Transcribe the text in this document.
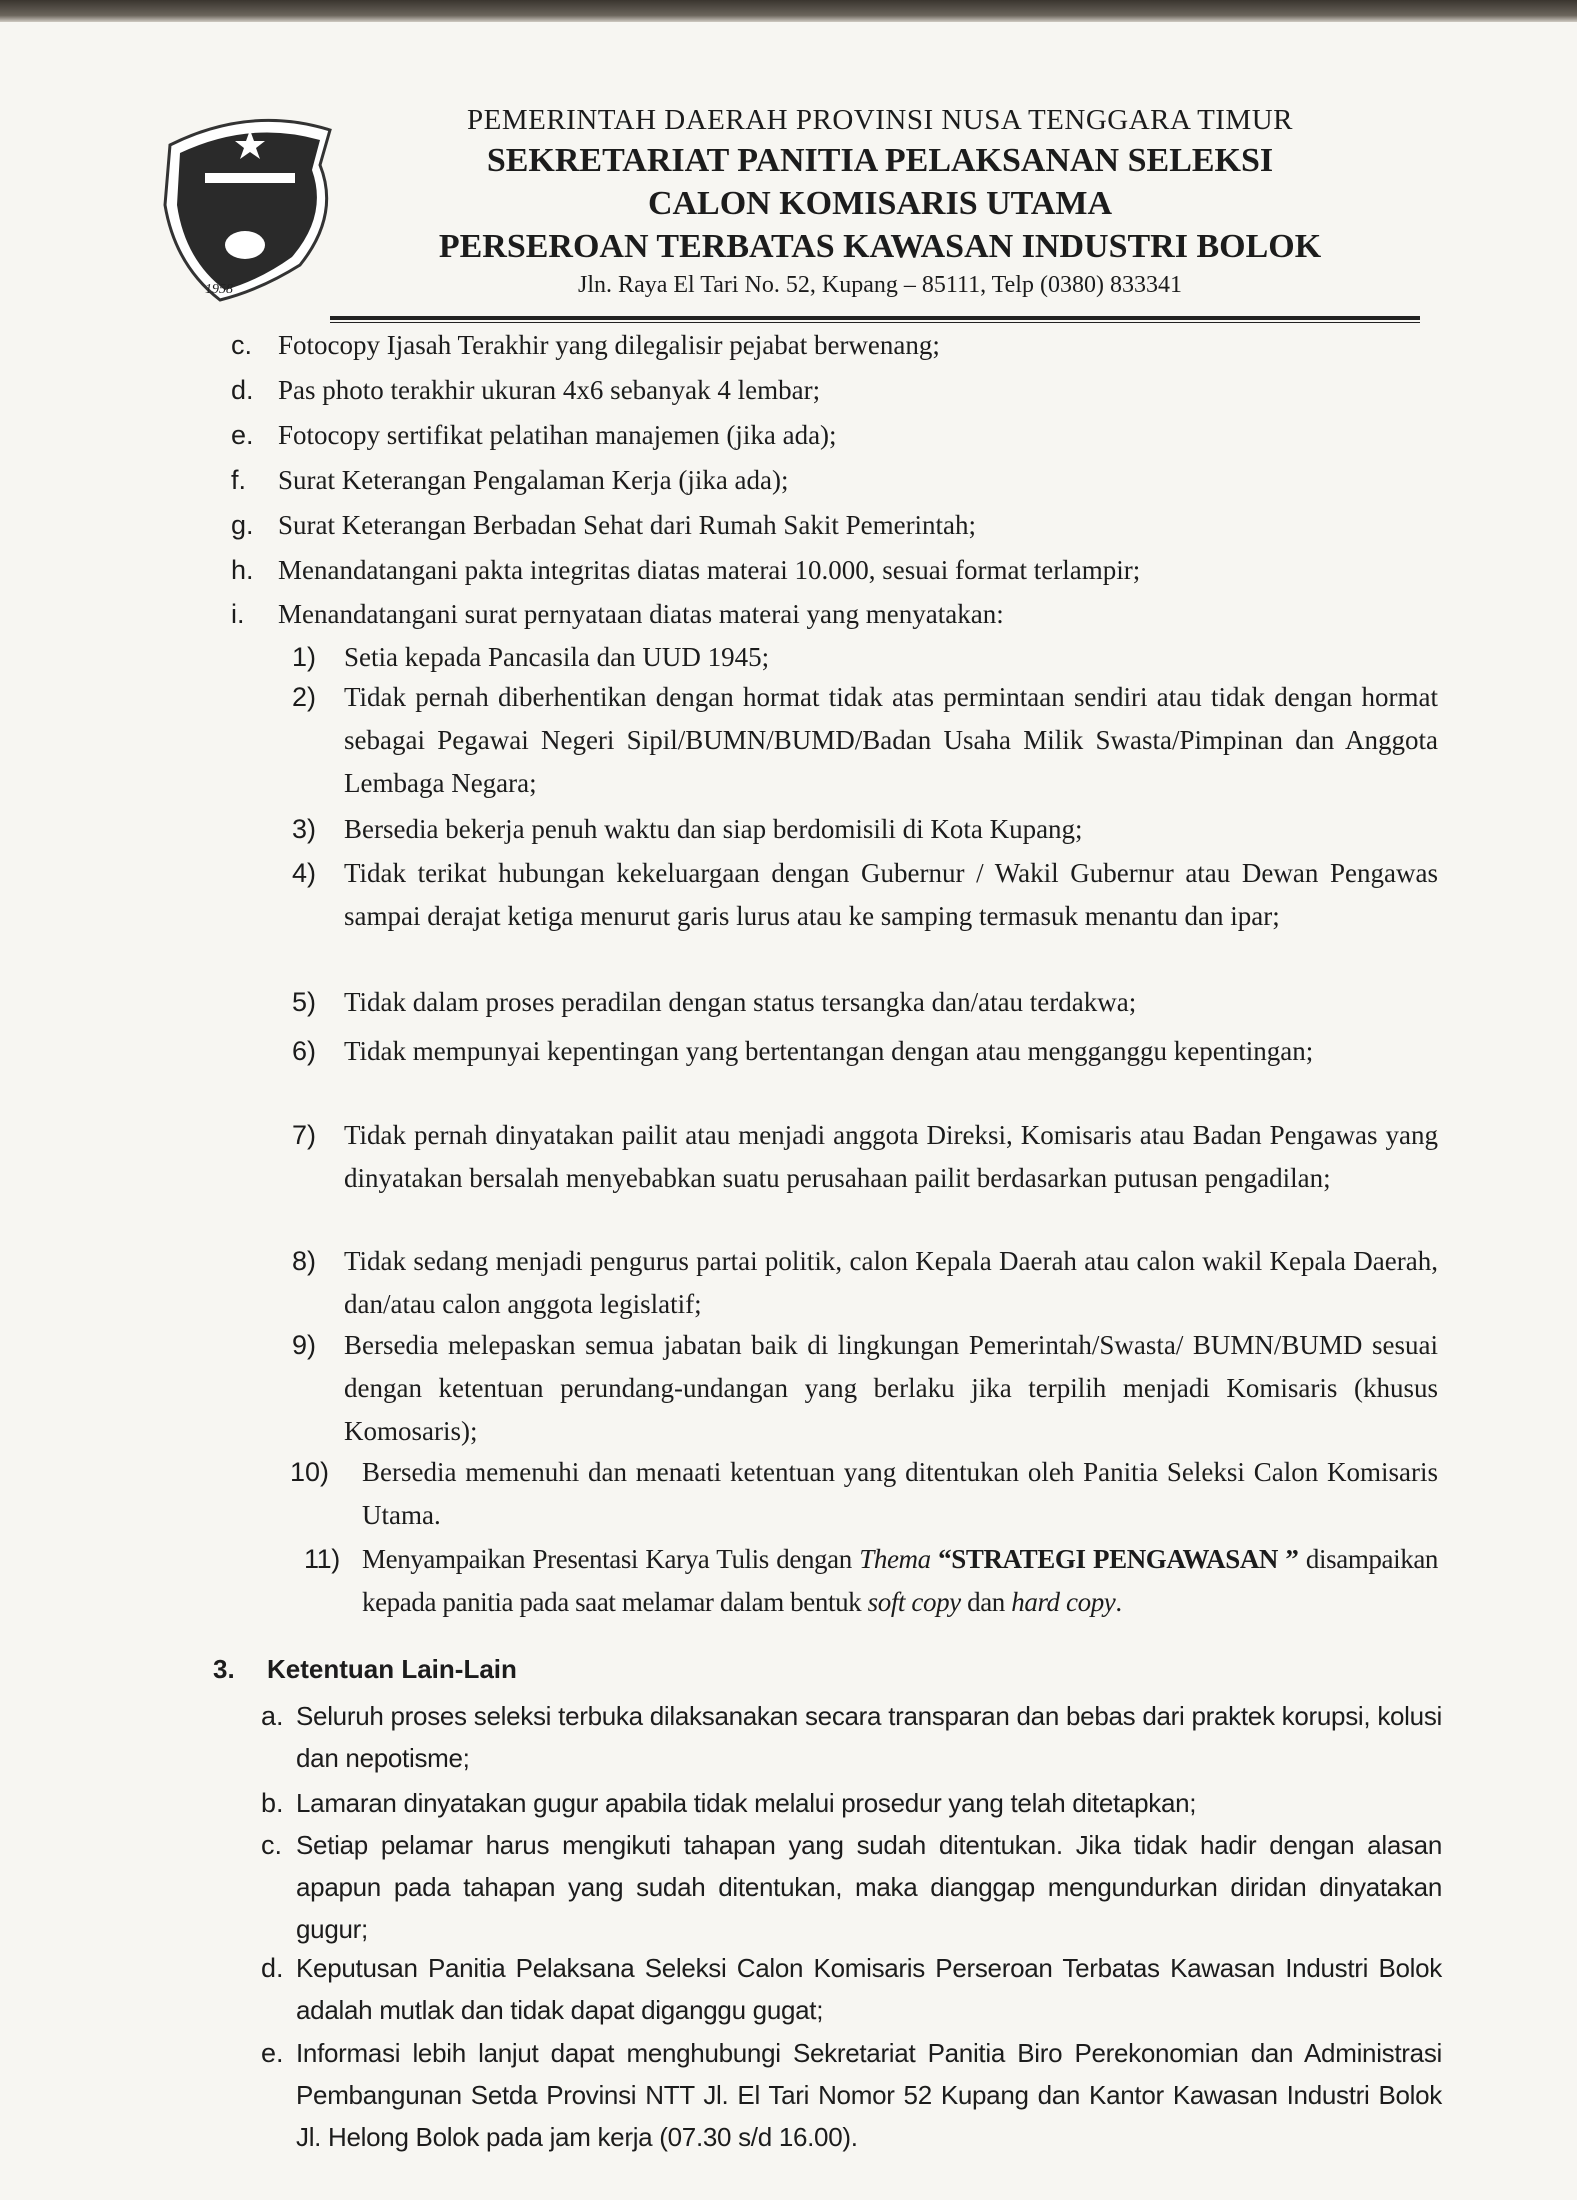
1958
PEMERINTAH DAERAH PROVINSI NUSA TENGGARA TIMUR
SEKRETARIAT PANITIA PELAKSANAN SELEKSI
CALON KOMISARIS UTAMA
PERSEROAN TERBATAS KAWASAN INDUSTRI BOLOK
Jln. Raya El Tari No. 52, Kupang – 85111, Telp (0380) 833341
c. Fotocopy Ijasah Terakhir yang dilegalisir pejabat berwenang;
d. Pas photo terakhir ukuran 4x6 sebanyak 4 lembar;
e. Fotocopy sertifikat pelatihan manajemen (jika ada);
f. Surat Keterangan Pengalaman Kerja (jika ada);
g. Surat Keterangan Berbadan Sehat dari Rumah Sakit Pemerintah;
h. Menandatangani pakta integritas diatas materai 10.000, sesuai format terlampir;
i. Menandatangani surat pernyataan diatas materai yang menyatakan:
1) Setia kepada Pancasila dan UUD 1945;
2) Tidak pernah diberhentikan dengan hormat tidak atas permintaan sendiri atau tidak dengan hormat sebagai Pegawai Negeri Sipil/BUMN/BUMD/Badan Usaha Milik Swasta/Pimpinan dan Anggota Lembaga Negara;
3) Bersedia bekerja penuh waktu dan siap berdomisili di Kota Kupang;
4) Tidak terikat hubungan kekeluargaan dengan Gubernur / Wakil Gubernur atau Dewan Pengawas sampai derajat ketiga menurut garis lurus atau ke samping termasuk menantu dan ipar;
5) Tidak dalam proses peradilan dengan status tersangka dan/atau terdakwa;
6) Tidak mempunyai kepentingan yang bertentangan dengan atau mengganggu kepentingan;
7) Tidak pernah dinyatakan pailit atau menjadi anggota Direksi, Komisaris atau Badan Pengawas yang dinyatakan bersalah menyebabkan suatu perusahaan pailit berdasarkan putusan pengadilan;
8) Tidak sedang menjadi pengurus partai politik, calon Kepala Daerah atau calon wakil Kepala Daerah, dan/atau calon anggota legislatif;
9) Bersedia melepaskan semua jabatan baik di lingkungan Pemerintah/Swasta/ BUMN/BUMD sesuai dengan ketentuan perundang-undangan yang berlaku jika terpilih menjadi Komisaris (khusus Komosaris);
10) Bersedia memenuhi dan menaati ketentuan yang ditentukan oleh Panitia Seleksi Calon Komisaris Utama.
a. Seluruh proses seleksi terbuka dilaksanakan secara transparan dan bebas dari praktek korupsi, kolusi dan nepotisme;
b. Lamaran dinyatakan gugur apabila tidak melalui prosedur yang telah ditetapkan;
c. Setiap pelamar harus mengikuti tahapan yang sudah ditentukan. Jika tidak hadir dengan alasan apapun pada tahapan yang sudah ditentukan, maka dianggap mengundurkan diridan dinyatakan gugur;
d. Keputusan Panitia Pelaksana Seleksi Calon Komisaris Perseroan Terbatas Kawasan Industri Bolok adalah mutlak dan tidak dapat diganggu gugat;
e. Informasi lebih lanjut dapat menghubungi Sekretariat Panitia Biro Perekonomian dan Administrasi Pembangunan Setda Provinsi NTT Jl. El Tari Nomor 52 Kupang dan Kantor Kawasan Industri Bolok Jl. Helong Bolok pada jam kerja (07.30 s/d 16.00).
11) Menyampaikan Presentasi Karya Tulis dengan Thema “STRATEGI PENGAWASAN ” disampaikan kepada panitia pada saat melamar dalam bentuk soft copy dan hard copy.
3. Ketentuan Lain-Lain
